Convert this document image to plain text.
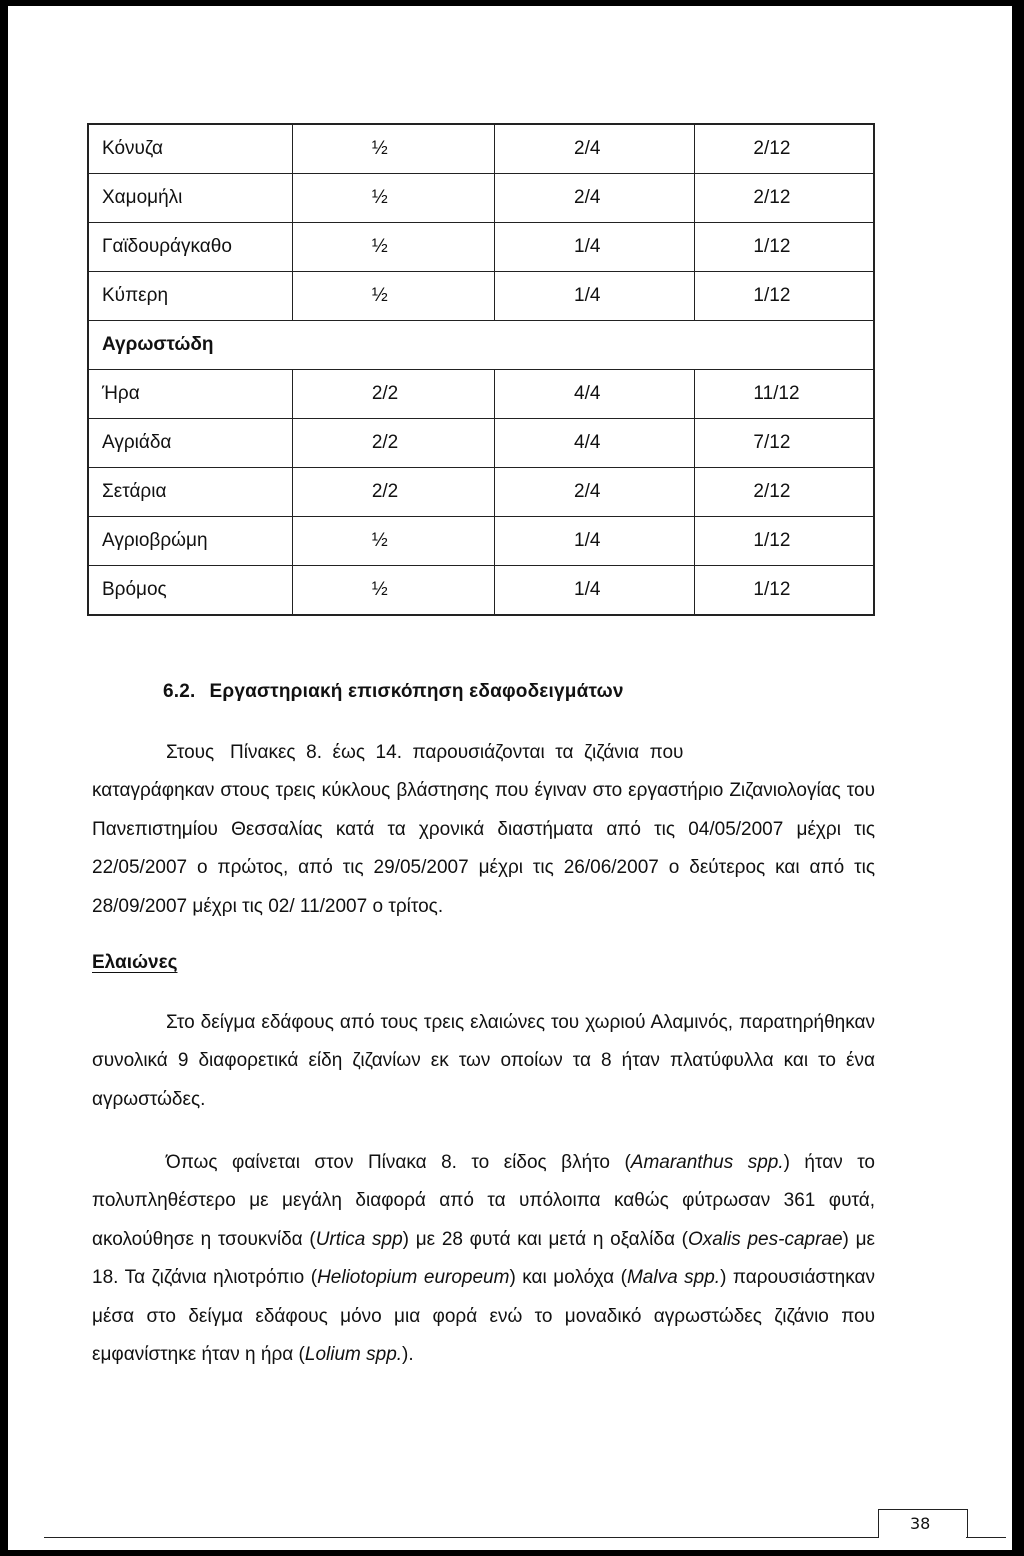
Κόνυζα	½	2/4	2/12
Χαμομήλι	½	2/4	2/12
Γαϊδουράγκαθο	½	1/4	1/12
Κύπερη	½	1/4	1/12
Αγρωστώδη			
Ήρα	2/2	4/4	11/12
Αγριάδα	2/2	4/4	7/12
Σετάρια	2/2	2/4	2/12
Αγριοβρώμη	½	1/4	1/12
Βρόμος	½	1/4	1/12
6.2. Εργαστηριακή επισκόπηση εδαφοδειγμάτων
Στους   Πίνακες  8.  έως  14.  παρουσιάζονται  τα  ζιζάνια  που
καταγράφηκαν στους τρεις κύκλους βλάστησης που έγιναν στο εργαστήριο Ζιζανιολογίας του Πανεπιστημίου Θεσσαλίας κατά τα χρονικά διαστήματα από τις 04/05/2007 μέχρι τις 22/05/2007 ο πρώτος, από τις 29/05/2007 μέχρι τις 26/06/2007 ο δεύτερος και από τις 28/09/2007 μέχρι τις 02/ 11/2007 ο τρίτος.
Ελαιώνες
Στο δείγμα εδάφους από τους τρεις ελαιώνες του χωριού Αλαμινός, παρατηρήθηκαν συνολικά 9 διαφορετικά είδη ζιζανίων εκ των οποίων τα 8 ήταν πλατύφυλλα και το ένα αγρωστώδες.
Όπως φαίνεται στον Πίνακα 8. το είδος βλήτο (Amaranthus spp.) ήταν το πολυπληθέστερο με μεγάλη διαφορά από τα υπόλοιπα καθώς φύτρωσαν 361 φυτά, ακολούθησε η τσουκνίδα (Urtica spp) με 28 φυτά και μετά η οξαλίδα (Oxalis pes-caprae) με 18. Τα ζιζάνια ηλιοτρόπιο (Heliotopium europeum) και μολόχα (Malva spp.) παρουσιάστηκαν μέσα στο δείγμα εδάφους μόνο μια φορά ενώ το μοναδικό αγρωστώδες ζιζάνιο που εμφανίστηκε ήταν η ήρα (Lolium spp.).
38
